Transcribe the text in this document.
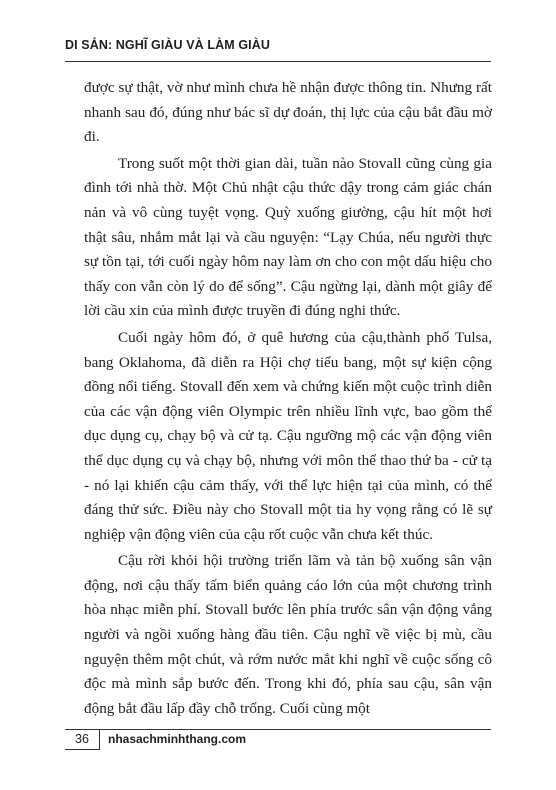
DI SẢN: NGHĨ GIÀU VÀ LÀM GIÀU

được sự thật, vờ như mình chưa hề nhận được thông tin. Nhưng rất nhanh sau đó, đúng như bác sĩ dự đoán, thị lực của cậu bắt đầu mờ đi.

Trong suốt một thời gian dài, tuần nào Stovall cũng cùng gia đình tới nhà thờ. Một Chủ nhật cậu thức dậy trong cảm giác chán nản và vô cùng tuyệt vọng. Quỳ xuống giường, cậu hít một hơi thật sâu, nhắm mắt lại và cầu nguyện: “Lạy Chúa, nếu người thực sự tồn tại, tới cuối ngày hôm nay làm ơn cho con một dấu hiệu cho thấy con vẫn còn lý do để sống”. Cậu ngừng lại, dành một giây để lời cầu xin của mình được truyền đi đúng nghi thức.

Cuối ngày hôm đó, ở quê hương của cậu,thành phố Tulsa, bang Oklahoma, đã diễn ra Hội chợ tiểu bang, một sự kiện cộng đồng nổi tiếng. Stovall đến xem và chứng kiến một cuộc trình diễn của các vận động viên Olympic trên nhiều lĩnh vực, bao gồm thể dục dụng cụ, chạy bộ và cử tạ. Cậu ngưỡng mộ các vận động viên thể dục dụng cụ và chạy bộ, nhưng với môn thể thao thứ ba - cử tạ - nó lại khiến cậu cảm thấy, với thể lực hiện tại của mình, có thể đáng thử sức. Điều này cho Stovall một tia hy vọng rằng có lẽ sự nghiệp vận động viên của cậu rốt cuộc vẫn chưa kết thúc.

Cậu rời khỏi hội trường triển lãm và tản bộ xuống sân vận động, nơi cậu thấy tấm biển quảng cáo lớn của một chương trình hòa nhạc miễn phí. Stovall bước lên phía trước sân vận động vắng người và ngồi xuống hàng đầu tiên. Cậu nghĩ về việc bị mù, cầu nguyện thêm một chút, và rớm nước mắt khi nghĩ về cuộc sống cô độc mà mình sắp bước đến. Trong khi đó, phía sau cậu, sân vận động bắt đầu lấp đầy chỗ trống. Cuối cùng một

36	nhasachminhthang.com
